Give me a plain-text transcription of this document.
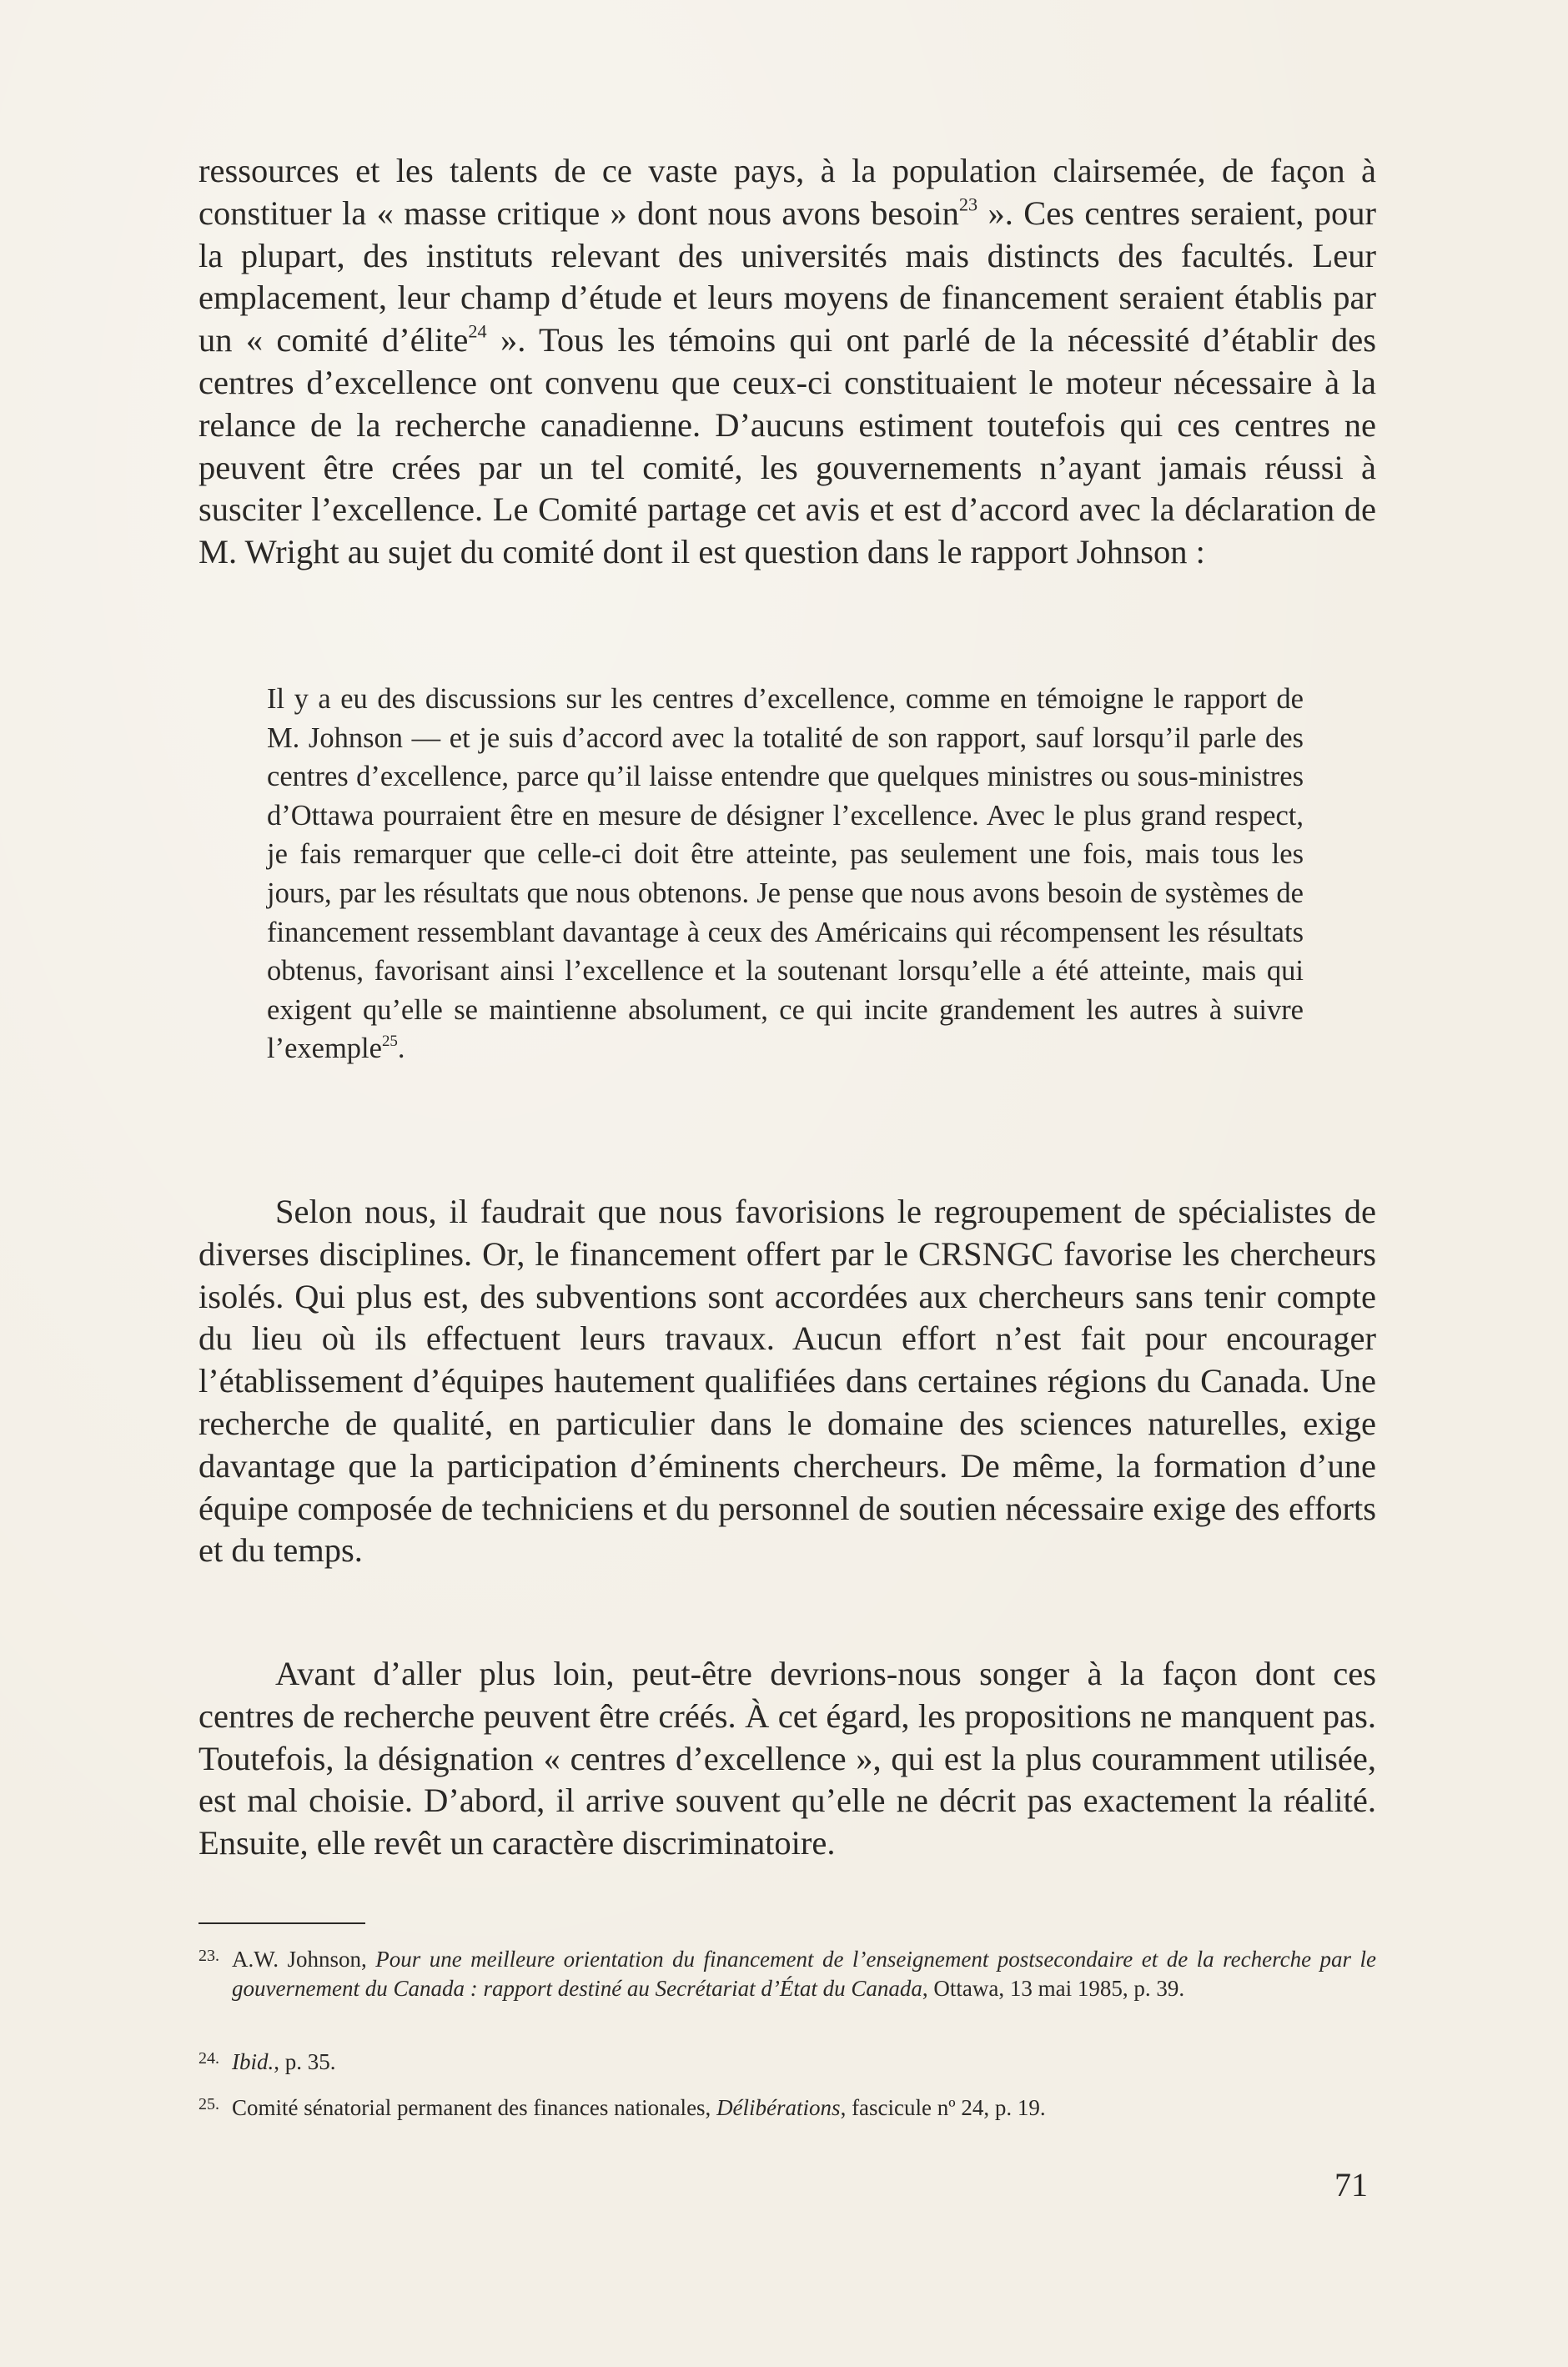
ressources et les talents de ce vaste pays, à la population clairsemée, de façon à constituer la « masse critique » dont nous avons besoin$^{23}$ ». Ces centres seraient, pour la plupart, des instituts relevant des universités mais distincts des facultés. Leur emplacement, leur champ d’étude et leurs moyens de financement seraient établis par un « comité d’élite$^{24}$ ». Tous les témoins qui ont parlé de la nécessité d’établir des centres d’excellence ont convenu que ceux-ci constituaient le moteur nécessaire à la relance de la recherche canadienne. D’aucuns estiment toutefois qui ces centres ne peuvent être crées par un tel comité, les gouvernements n’ayant jamais réussi à susciter l’excellence. Le Comité partage cet avis et est d’accord avec la déclaration de M. Wright au sujet du comité dont il est question dans le rapport Johnson :

Il y a eu des discussions sur les centres d’excellence, comme en témoigne le rapport de M. Johnson — et je suis d’accord avec la totalité de son rapport, sauf lorsqu’il parle des centres d’excellence, parce qu’il laisse entendre que quelques ministres ou sous-ministres d’Ottawa pourraient être en mesure de désigner l’excellence. Avec le plus grand respect, je fais remarquer que celle-ci doit être atteinte, pas seulement une fois, mais tous les jours, par les résultats que nous obtenons. Je pense que nous avons besoin de systèmes de financement ressemblant davantage à ceux des Américains qui récompensent les résultats obtenus, favorisant ainsi l’excellence et la soutenant lorsqu’elle a été atteinte, mais qui exigent qu’elle se maintienne absolument, ce qui incite grandement les autres à suivre l’exemple$^{25}$.

Selon nous, il faudrait que nous favorisions le regroupement de spécialistes de diverses disciplines. Or, le financement offert par le CRSNGC favorise les chercheurs isolés. Qui plus est, des subventions sont accordées aux chercheurs sans tenir compte du lieu où ils effectuent leurs travaux. Aucun effort n’est fait pour encourager l’établissement d’équipes hautement qualifiées dans certaines régions du Canada. Une recherche de qualité, en particulier dans le domaine des sciences naturelles, exige davantage que la participation d’éminents chercheurs. De même, la formation d’une équipe composée de techniciens et du personnel de soutien nécessaire exige des efforts et du temps.

Avant d’aller plus loin, peut-être devrions-nous songer à la façon dont ces centres de recherche peuvent être créés. À cet égard, les propositions ne manquent pas. Toutefois, la désignation « centres d’excellence », qui est la plus couramment utilisée, est mal choisie. D’abord, il arrive souvent qu’elle ne décrit pas exactement la réalité. Ensuite, elle revêt un caractère discriminatoire.

23. A.W. Johnson, Pour une meilleure orientation du financement de l’enseignement postsecondaire et de la recherche par le gouvernement du Canada : rapport destiné au Secrétariat d’État du Canada, Ottawa, 13 mai 1985, p. 39.

24. Ibid., p. 35.

25. Comité sénatorial permanent des finances nationales, Délibérations, fascicule nº 24, p. 19.

71
